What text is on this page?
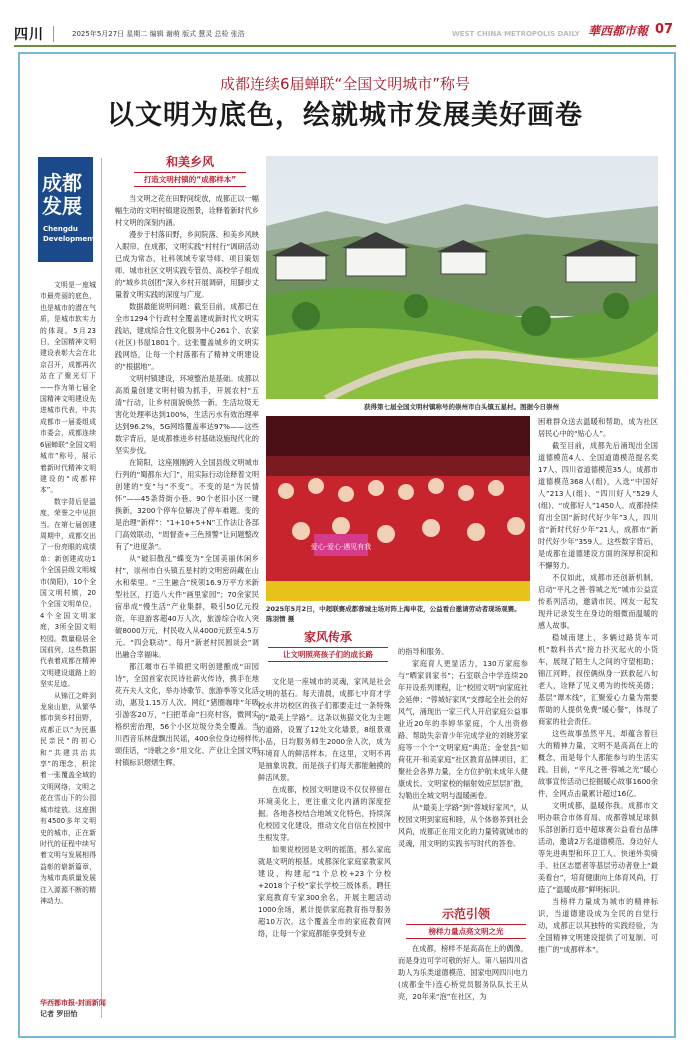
四川	2025年5月27日 星期二 编辑 谢萌 版式 慧灵 总检 张浩	WEST CHINA METROPOLIS DAILY 華西都市報 07
成都连续6届蝉联“全国文明城市”称号
以文明为底色，绘就城市发展美好画卷
成都发展
Chengdu
Development

文明是一座城市最亮丽的底色，也是城市的潜在气质，是城市软实力的体现。5月23日，全国精神文明建设表彰大会在北京召开，成都再次站在了聚光灯下——作为第七届全国精神文明建设先进城市代表，中共成都市一届委组成市委会，成都连续6届蝉联“全国文明城市”称号，展示着新时代精神文明建设的“成都样本”。

数字背后是温度，荣誉之中见担当。在第七届创建周期中，成都交出了一份亮眼的成绩单：新创建成功1个全国县级文明城市(简阳)，10个全国文明村镇，20个全国文明单位，4个全国文明家庭，3所全国文明校园。数量稳居全国前列，这些数据代表着成都在精神文明建设道路上的坚实足迹。

从锦江之畔到龙泉山旅，从繁华都市到乡村田野，成都正以“为民惠民亲民”的初心和“共建共治共享”的理念，积淀着一张覆盖全域的文明网络，文明之花在雪山下的公园城市绽放。这座拥有4500多年文明史的城市，正在新时代的征程中续写着文明与发展相得益彰的崭新篇章，为城市高质量发展注入源源不断的精神动力。

华西都市报-封面新闻
记者 罗田怡
和美乡风
打造文明村镇的“成都样本”

当文明之花在田野间绽放，成都正以一幅幅生动的文明村镇建设图景，诠释着新时代乡村文明的深刻内涵。

漫步于村落田野，乡间院落、和美乡风映入眼帘。在成都，文明实践“村村行”调研活动已成为常态，社科领域专家导师、项目策划师、城市社区文明实践专管员、高校学子组成的“城乡共创团”深入乡村开展调研，用脚步丈量着文明实践的深度与广度。

数据最能说明问题：截至目前，成都已在全市1294个行政村全覆盖建成新时代文明实践站，建成综合性文化服务中心261个、农家(社区)书屋1801个。这张覆盖城乡的文明实践网络，让每一个村落都有了精神文明建设的“根据地”。

文明村镇建设，环境整治是基础。成都以高质量创建文明村镇为抓手，开展农村“五清”行动，让乡村面貌焕然一新。生活垃圾无害化处理率达到100%，生活污水有效治理率达到96.2%，5G网络覆盖率达97%——这些数字背后，是成都推进乡村基础设施现代化的坚实步伐。

在简阳，这座刚刚跨入全国县级文明城市行列的“蜀都东大门”，用实际行动诠释着文明创建的“变”与“不变”。不变的是“为民情怀”——45条背街小巷、90个老旧小区一键换新，3200个停车位解决了停车难题。变的是治理“新样”：“1+10+5+N”工作法让各部门高效联动，“周督查+三色预警”让问题整改有了“进度条”。

从“破旧散乱”蝶变为“全国美丽休闲乡村”，崇州市白头镇五星村的文明密码藏在山水和柴里。“三生融合”统领16.9万平方米新型社区，打造八大件“画里家园”；70余家民宿串成“慢生活”产业集群，吸引50亿元投资，年迎游客超40万人次，旅游综合收入突破8000万元，村民收入从4000元跃至4.5万元。“四会联动”、每月“新老村民圆谈会”调出融合幸福味。

都江堰市石羊镇把文明创建酿成“田园诗”，全国首家农民诗社薪火传诗，携手在地花卉夫人文化，举办诗歌节、旅游季等文化活动，惠及1.15万人次。网红“猪圈咖啡”年吸引游客20万，“扫把革命”扫亮村容，微网实格织密治理，56个小区垃圾分类全覆盖。当川西音乐林盘飘出民谣，400余位身边榜样传颂佳话，“诗歌之乡”用文化、产业让全国文明村镇标识熠熠生辉。

获得第七届全国文明村镇称号的崇州市白头镇五星村。图据今日崇州
爱心·爱心·遇见有我
2025年5月2日，中超联赛成都蓉城主场对阵上海申花，公益看台邀请劳动者现场观赛。 陈羽情 摄
家风传承
让文明照亮孩子们的成长路

文化是一座城市的灵魂，家风是社会文明的基石。每天清晨，成都七中育才学校水井坊校区的孩子们都要走过一条特殊的“最美上学路”。这条以焦猫文化为主题的道路，设置了12处文化墙景，8组景观小品，日均服务师生2000余人次，成为环境育人的鲜活样本。在这里，文明不再是抽象说教，而是孩子们每天都能触摸的鲜活风景。

在成都，校园文明建设不仅仅停留在环境美化上，更注重文化内涵的深度挖掘。各地各校结合地域文化特色，持续深化校园文化建设，推动文化自信在校园中生根发芽。

如果说校园是文明的摇篮，那么家庭就是文明的根基。成都深化家庭家教家风建设，构建起“1个总校+23个分校+2018个子校”家长学校三级体系，聘任家庭教育专家300余名，开展主题活动1000余场，累计提供家庭教育指导服务超10万次。这个覆盖全市的家庭教育网络，让每一个家庭都能享受到专业

的指导和服务。

家庭育人更显活力，130万家庭参与“晒家训家书”；石室联合中学连续20年开设系列课程，让“校园文明”向家庭社会延伸；“蓉城好家风”支撑起全社会的好风气，涌现出一家三代人开启家庭公益事业近20年的李婷华家庭，个人出资修路、帮助失亲青少年完成学业的刘晓芳家庭等一个个“文明家庭”典范；金堂县“知荷花开·和美家庭”社区教育品牌项目，汇聚社会各界力量，全方位护航未成年人健康成长。文明家校的辐射效应层层扩散，勾勒出全城文明与温暖画卷。

从“最美上学路”到“蓉城好家风”，从校园文明到家庭和睦，从个体修养到社会风尚，成都正在用文化的力量铸就城市的灵魂，用文明的实践书写时代的答卷。

示范引领
榜样力量点亮文明之光

在成都，榜样不是高高在上的偶像，而是身边可学可敬的好人。第八届四川省助人为乐类道德模范、国家电网四川电力(成都金牛)连心桥党员服务队队长王从亮，20年来“泡”在社区，为

困难群众送去温暖和帮助，成为社区居民心中的“贴心人”。

截至目前，成都先后涌现出全国道德模范4人、全国道德模范提名奖17人、四川省道德模范35人，成都市道德模范368人(组)，入选“中国好人”213人(组)、“四川好人”529人(组)、“成都好人”1450人。成都持续育出全国“新时代好少年”3人，四川省“新时代好少年”21人，成都市“新时代好少年”359人。这些数字背后，是成都在道德建设方面的深厚积淀和不懈努力。

不仅如此，成都市还创新机制，启动“平凡之善·蓉城之光”城市公益宣传系列活动，邀请市民、网友一起发现并记录发生在身边的细微而温暖的感人故事。

稳城南建上，多辆过路货车司机“数料书式”接力扑灭起火的小货车，展现了陌生人之间的守望相助；锦江河畔，叔侄俩纵身一跃救起八旬老人，诠释了见义勇为的传统美德；基层“谭木线”，汇聚爱心力量为需要帮助的人提供免费“暖心餐”，体现了商家的社会责任。

这些故事虽然平凡，却蕴含着巨大的精神力量，文明不是高高在上的概念，而是每个人都能参与的生活实践。目前，“平凡之善·蓉城之光”暖心故事宣传活动已挖掘暖心故事1600余件，全网点击量累计超过16亿。

文明成都，温暖你我。成都市文明办联合市体育局、成都蓉城足球俱乐部创新打造中超球赛公益看台品牌活动，邀请2万名道德模范、身边好人等先进典型和环卫工人、快递外卖骑手、社区志愿者等基层劳动者登上“最美看台”，培育健康向上体育风尚，打造了“温暖成都”鲜明标识。

当榜样力量成为城市的精神标识，当道德建设成为全民的自觉行动，成都正以其独特的实践经验，为全国精神文明建设提供了可复制、可推广的“成都样本”。
